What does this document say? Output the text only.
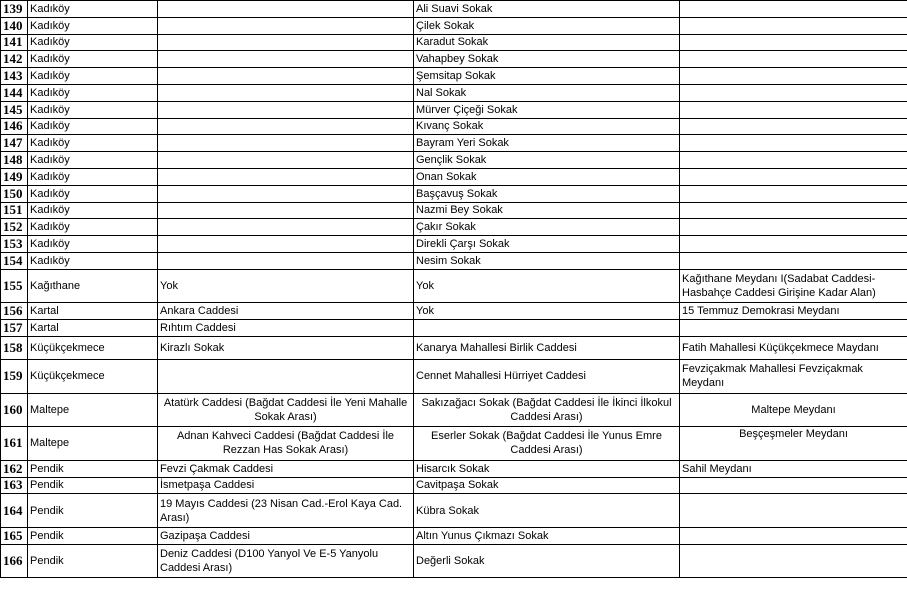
139	Kadıköy		Ali Suavi Sokak	
140	Kadıköy		Çilek Sokak	
141	Kadıköy		Karadut Sokak	
142	Kadıköy		Vahapbey Sokak	
143	Kadıköy		Şemsitap Sokak	
144	Kadıköy		Nal Sokak	
145	Kadıköy		Mürver Çiçeği Sokak	
146	Kadıköy		Kıvanç Sokak	
147	Kadıköy		Bayram Yeri Sokak	
148	Kadıköy		Gençlik Sokak	
149	Kadıköy		Onan Sokak	
150	Kadıköy		Başçavuş Sokak	
151	Kadıköy		Nazmi Bey Sokak	
152	Kadıköy		Çakır Sokak	
153	Kadıköy		Direkli Çarşı Sokak	
154	Kadıköy		Nesim Sokak	
155	Kağıthane	Yok	Yok	Kağıthane Meydanı I(Sadabat Caddesi-Hasbahçe Caddesi Girişine Kadar Alan)
156	Kartal	Ankara Caddesi	Yok	15 Temmuz Demokrasi Meydanı
157	Kartal	Rıhtım Caddesi		
158	Küçükçekmece	Kirazlı Sokak	Kanarya Mahallesi Birlik Caddesi	Fatih Mahallesi Küçükçekmece Maydanı
159	Küçükçekmece		Cennet Mahallesi Hürriyet Caddesi	Fevziçakmak Mahallesi Fevziçakmak Meydanı
160	Maltepe	Atatürk Caddesi (Bağdat Caddesi İle Yeni Mahalle Sokak Arası)	Sakızağacı Sokak (Bağdat Caddesi İle İkinci İlkokul Caddesi Arası)	Maltepe Meydanı
161	Maltepe	Adnan Kahveci Caddesi (Bağdat Caddesi İle Rezzan Has Sokak Arası)	Eserler Sokak (Bağdat Caddesi İle Yunus Emre Caddesi Arası)	Beşçeşmeler Meydanı
162	Pendik	Fevzi Çakmak Caddesi	Hisarcık Sokak	Sahil Meydanı
163	Pendik	İsmetpaşa Caddesi	Cavitpaşa Sokak	
164	Pendik	19 Mayıs Caddesi (23 Nisan Cad.-Erol Kaya Cad. Arası)	Kübra Sokak	
165	Pendik	Gazipaşa Caddesi	Altın Yunus Çıkmazı Sokak	
166	Pendik	Deniz Caddesi (D100 Yanyol Ve E-5 Yanyolu Caddesi Arası)	Değerli Sokak	
